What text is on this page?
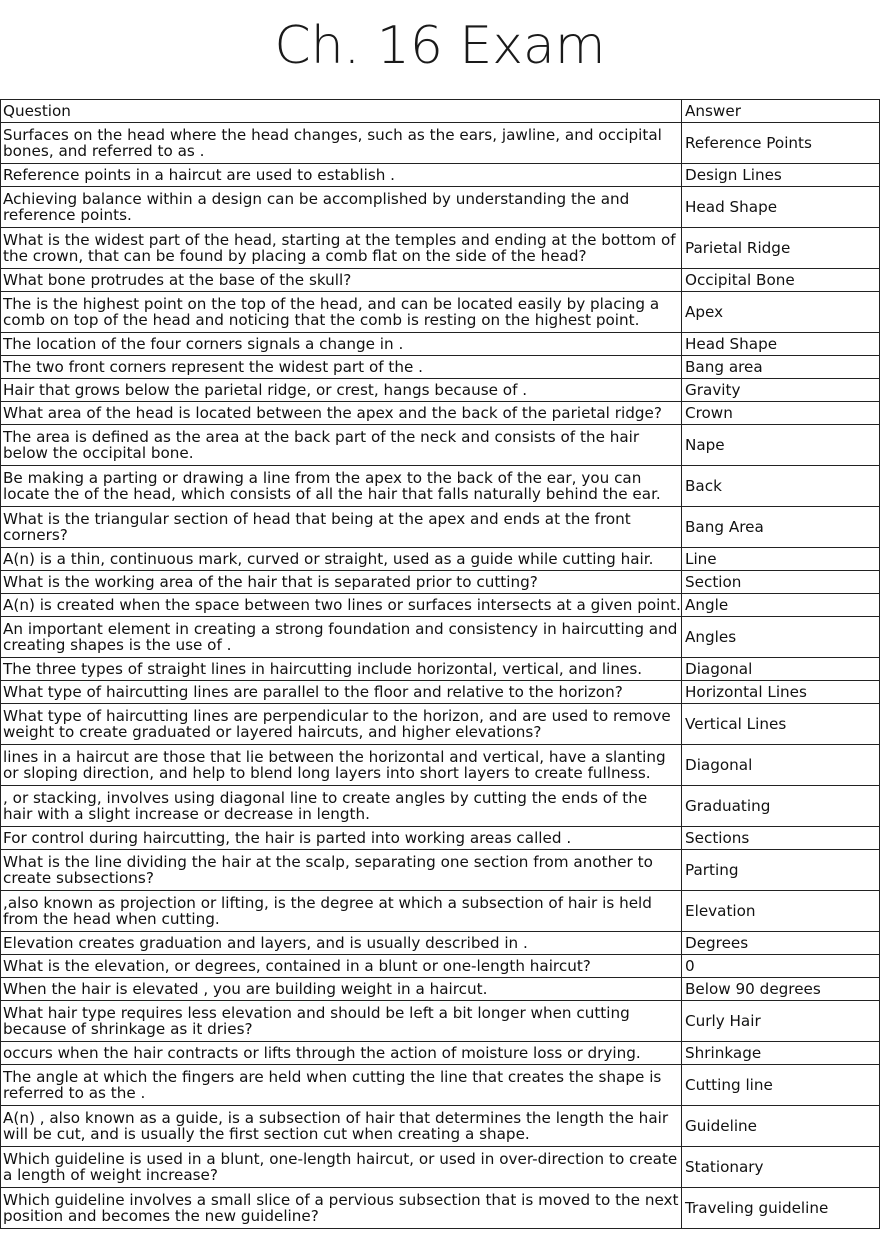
Ch. 16 Exam
Question	Answer
Surfaces on the head where the head changes, such as the ears, jawline, and occipital bones, and referred to as .	Reference Points
Reference points in a haircut are used to establish .	Design Lines
Achieving balance within a design can be accomplished by understanding the and reference points.	Head Shape
What is the widest part of the head, starting at the temples and ending at the bottom of the crown, that can be found by placing a comb flat on the side of the head?	Parietal Ridge
What bone protrudes at the base of the skull?	Occipital Bone
The is the highest point on the top of the head, and can be located easily by placing a comb on top of the head and noticing that the comb is resting on the highest point.	Apex
The location of the four corners signals a change in .	Head Shape
The two front corners represent the widest part of the .	Bang area
Hair that grows below the parietal ridge, or crest, hangs because of .	Gravity
What area of the head is located between the apex and the back of the parietal ridge?	Crown
The area is defined as the area at the back part of the neck and consists of the hair below the occipital bone.	Nape
Be making a parting or drawing a line from the apex to the back of the ear, you can locate the of the head, which consists of all the hair that falls naturally behind the ear.	Back
What is the triangular section of head that being at the apex and ends at the front corners?	Bang Area
A(n) is a thin, continuous mark, curved or straight, used as a guide while cutting hair.	Line
What is the working area of the hair that is separated prior to cutting?	Section
A(n) is created when the space between two lines or surfaces intersects at a given point.	Angle
An important element in creating a strong foundation and consistency in haircutting and creating shapes is the use of .	Angles
The three types of straight lines in haircutting include horizontal, vertical, and lines.	Diagonal
What type of haircutting lines are parallel to the floor and relative to the horizon?	Horizontal Lines
What type of haircutting lines are perpendicular to the horizon, and are used to remove weight to create graduated or layered haircuts, and higher elevations?	Vertical Lines
lines in a haircut are those that lie between the horizontal and vertical, have a slanting or sloping direction, and help to blend long layers into short layers to create fullness.	Diagonal
, or stacking, involves using diagonal line to create angles by cutting the ends of the hair with a slight increase or decrease in length.	Graduating
For control during haircutting, the hair is parted into working areas called .	Sections
What is the line dividing the hair at the scalp, separating one section from another to create subsections?	Parting
,also known as projection or lifting, is the degree at which a subsection of hair is held from the head when cutting.	Elevation
Elevation creates graduation and layers, and is usually described in .	Degrees
What is the elevation, or degrees, contained in a blunt or one-length haircut?	0
When the hair is elevated , you are building weight in a haircut.	Below 90 degrees
What hair type requires less elevation and should be left a bit longer when cutting because of shrinkage as it dries?	Curly Hair
occurs when the hair contracts or lifts through the action of moisture loss or drying.	Shrinkage
The angle at which the fingers are held when cutting the line that creates the shape is referred to as the .	Cutting line
A(n) , also known as a guide, is a subsection of hair that determines the length the hair will be cut, and is usually the first section cut when creating a shape.	Guideline
Which guideline is used in a blunt, one-length haircut, or used in over-direction to create a length of weight increase?	Stationary
Which guideline involves a small slice of a pervious subsection that is moved to the next position and becomes the new guideline?	Traveling guideline
